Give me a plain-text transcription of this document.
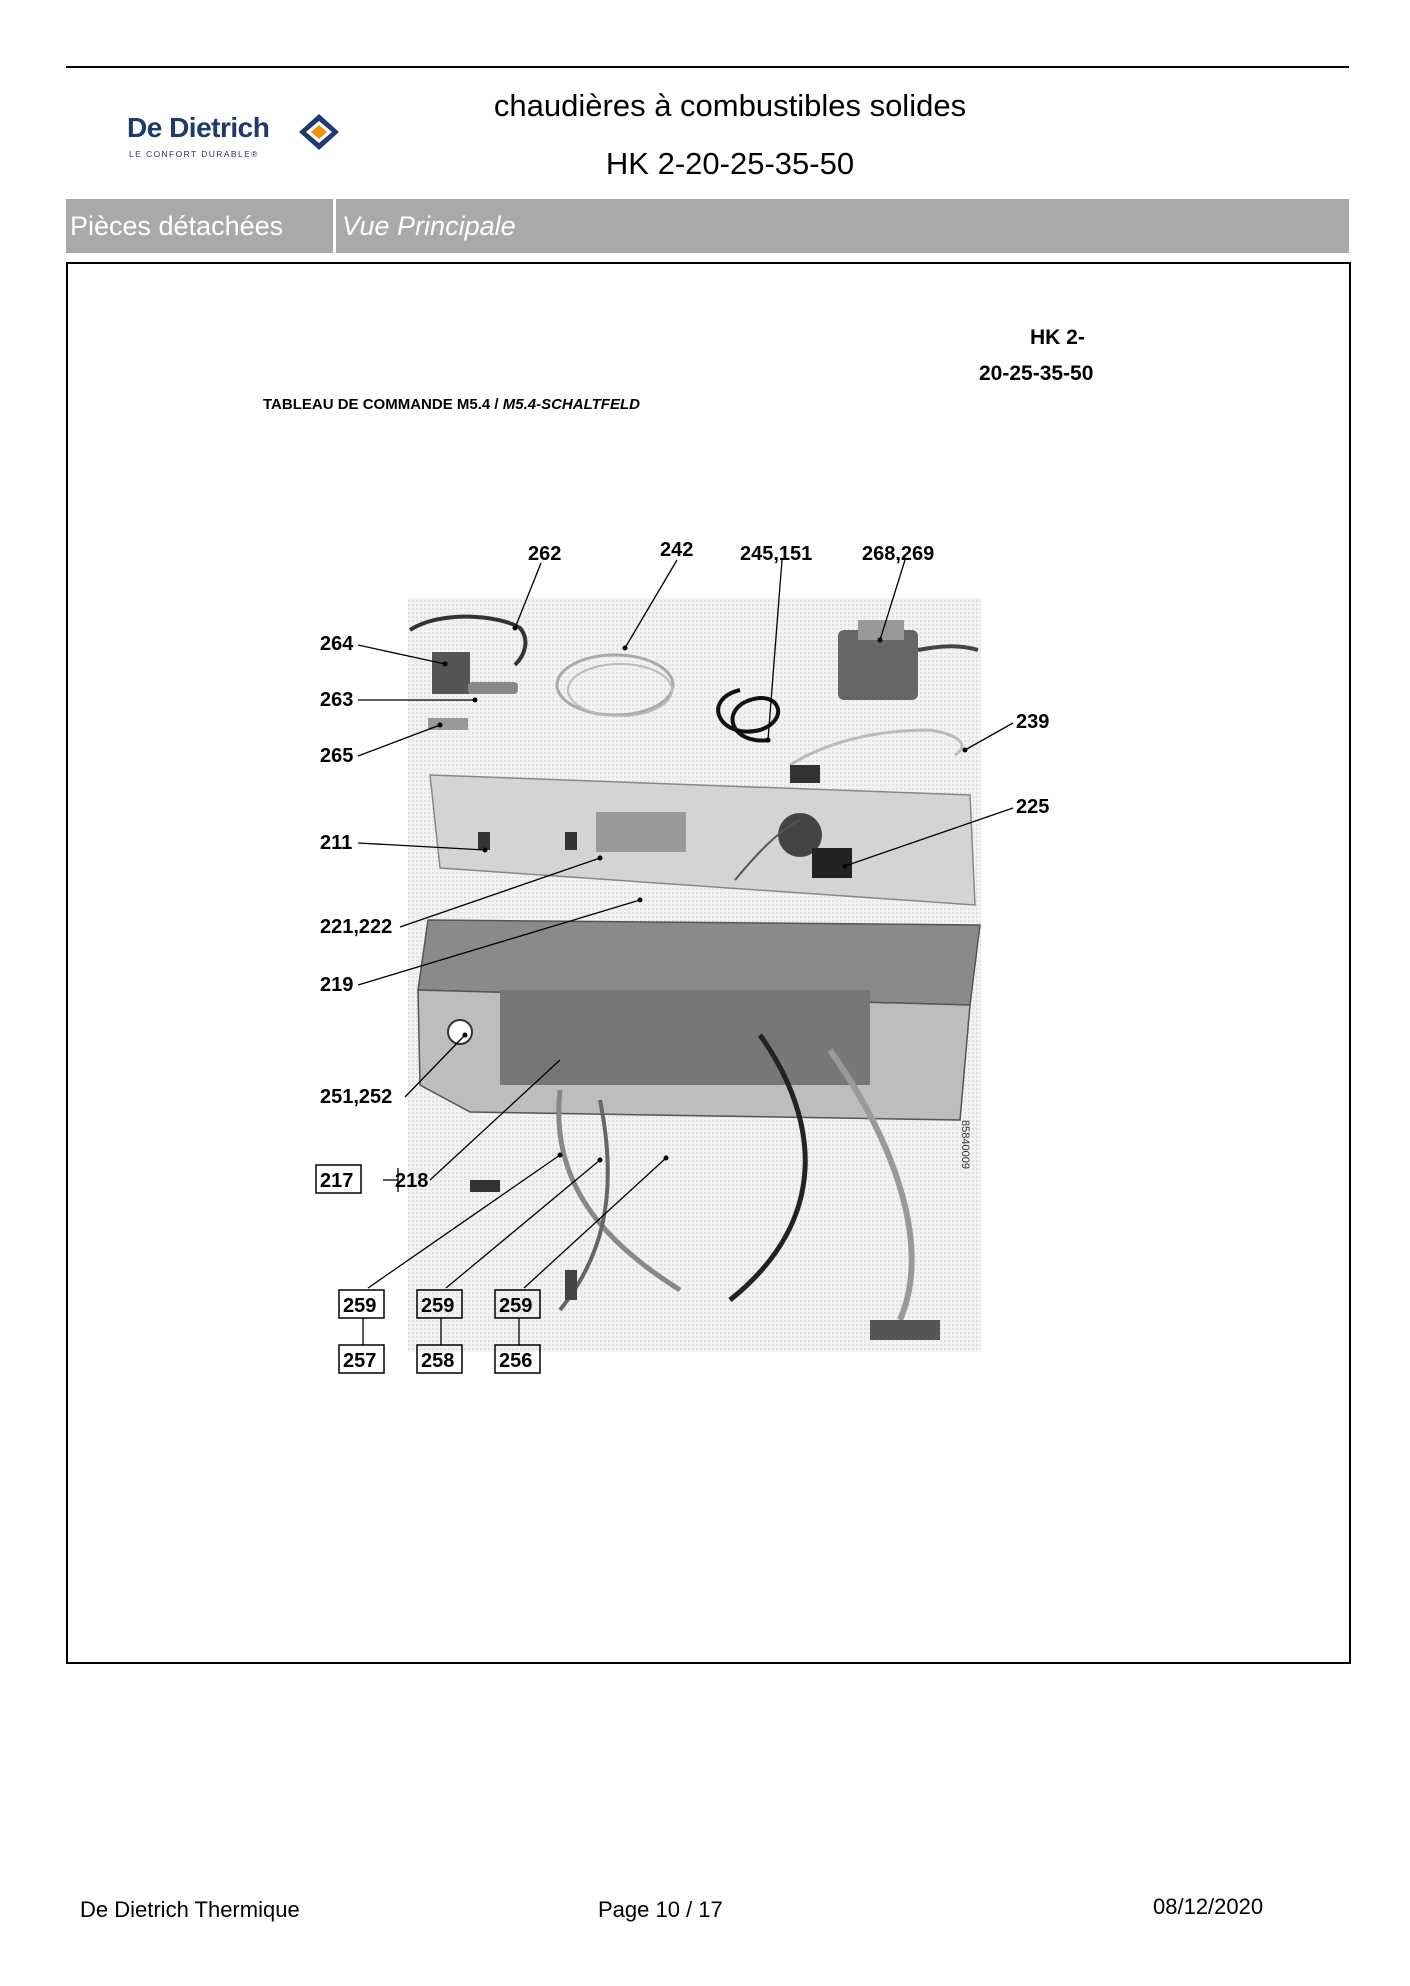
De Dietrich
LE CONFORT DURABLE®
chaudières à combustibles solides
HK 2-20-25-35-50
Pièces détachées	Vue Principale
HK 2-
20-25-35-50
TABLEAU DE COMMANDE M5.4 / M5.4-SCHALTFELD
85840009
262	242 245,151 268,269
264
263
265
239
225
211
221,222
219
251,252
217 218
259 259 259
257 258 256
De Dietrich Thermique	Page 10 / 17	08/12/2020
